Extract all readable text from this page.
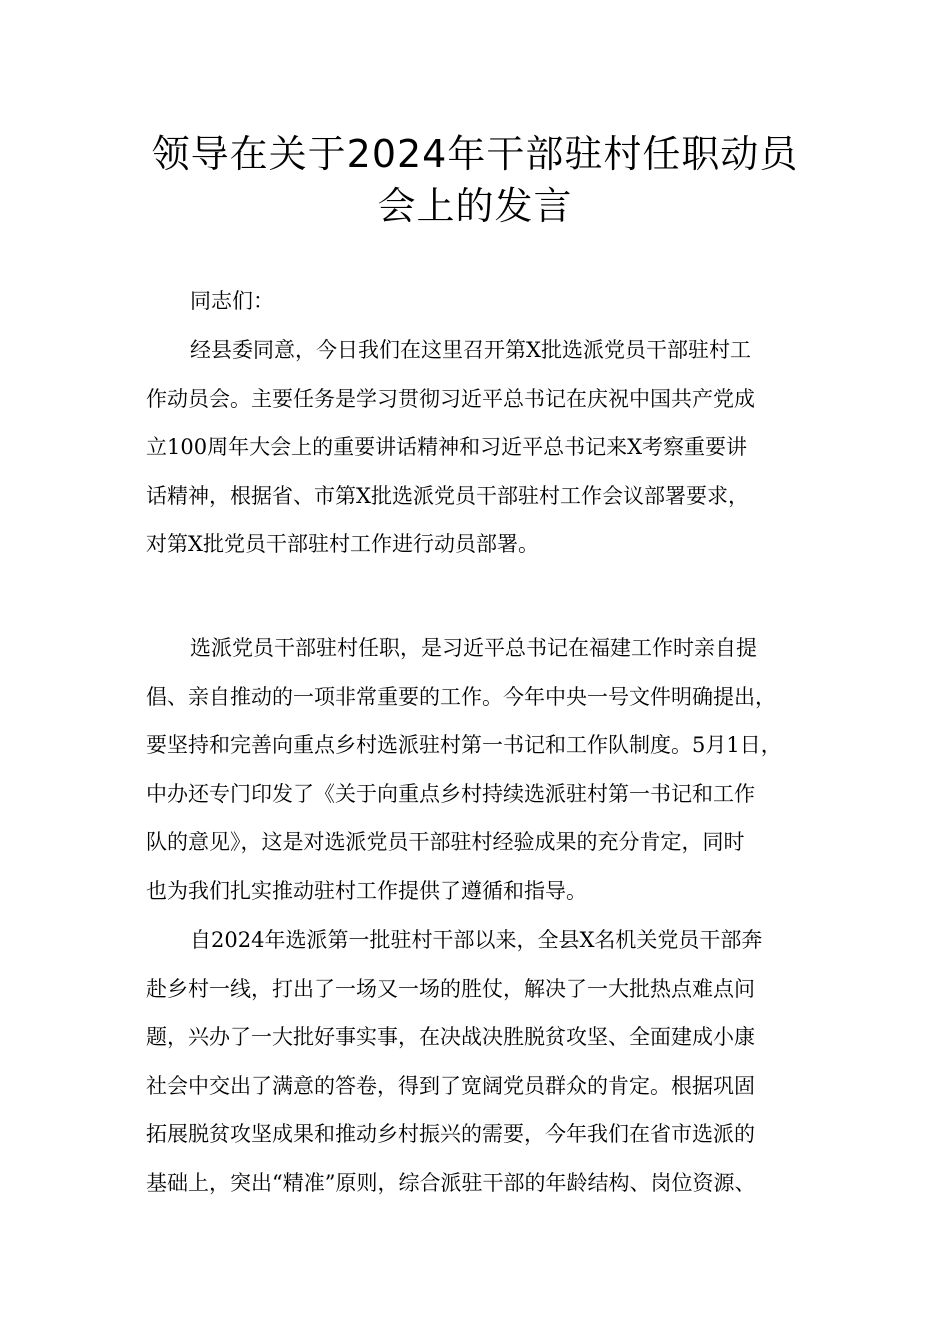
领导在关于2024年干部驻村任职动员
会上的发言
同志们：
经县委同意，今日我们在这里召开第X批选派党员干部驻村工
作动员会。主要任务是学习贯彻习近平总书记在庆祝中国共产党成
立100周年大会上的重要讲话精神和习近平总书记来X考察重要讲
话精神，根据省、市第X批选派党员干部驻村工作会议部署要求，
对第X批党员干部驻村工作进行动员部署。
选派党员干部驻村任职，是习近平总书记在福建工作时亲自提
倡、亲自推动的一项非常重要的工作。今年中央一号文件明确提出，
要坚持和完善向重点乡村选派驻村第一书记和工作队制度。5月1日，
中办还专门印发了《关于向重点乡村持续选派驻村第一书记和工作
队的意见》，这是对选派党员干部驻村经验成果的充分肯定，同时
也为我们扎实推动驻村工作提供了遵循和指导。
自2024年选派第一批驻村干部以来，全县X名机关党员干部奔
赴乡村一线，打出了一场又一场的胜仗，解决了一大批热点难点问
题，兴办了一大批好事实事，在决战决胜脱贫攻坚、全面建成小康
社会中交出了满意的答卷，得到了宽阔党员群众的肯定。根据巩固
拓展脱贫攻坚成果和推动乡村振兴的需要，今年我们在省市选派的
基础上，突出“精准”原则，综合派驻干部的年龄结构、岗位资源、
